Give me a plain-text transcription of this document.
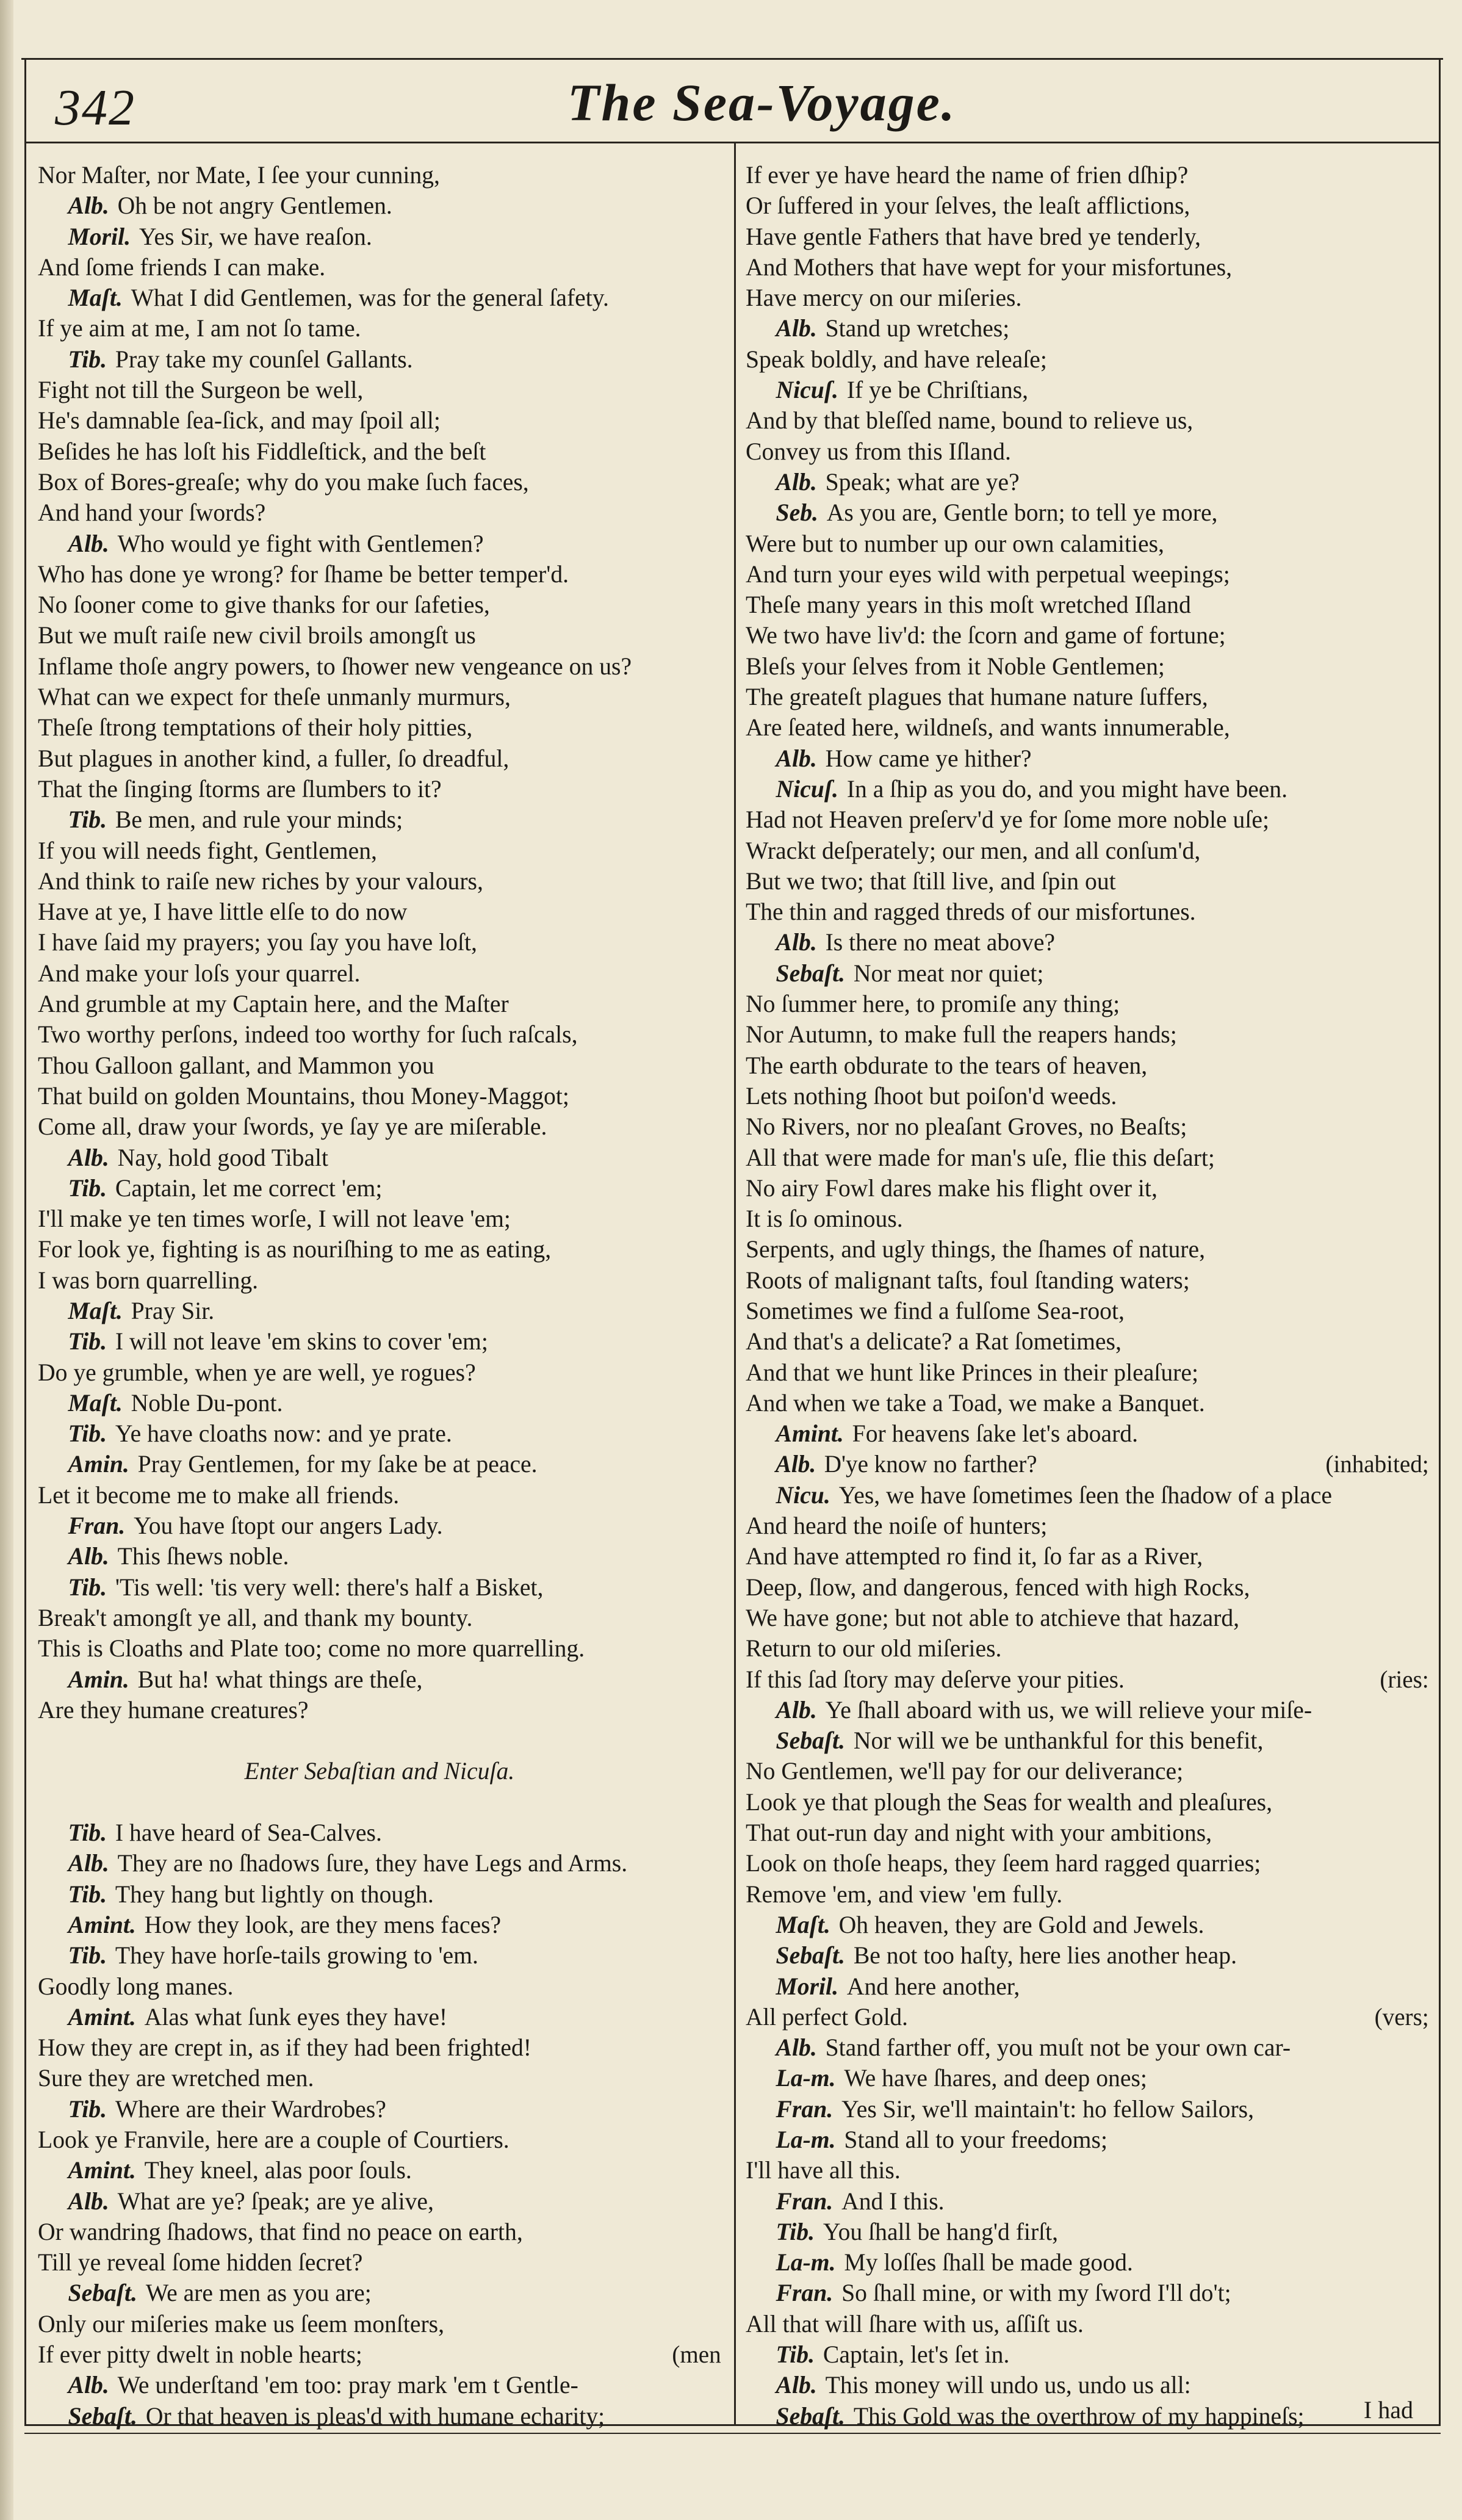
342	The Sea-Voyage.
Nor Maſter, nor Mate, I ſee your cunning,
Alb. Oh be not angry Gentlemen.
Moril. Yes Sir, we have reaſon.
And ſome friends I can make.
Maſt. What I did Gentlemen, was for the general ſafety.
If ye aim at me, I am not ſo tame.
Tib. Pray take my counſel Gallants.
Fight not till the Surgeon be well,
He's damnable ſea-ſick, and may ſpoil all;
Beſides he has loſt his Fiddleſtick, and the beſt
Box of Bores-greaſe; why do you make ſuch faces,
And hand your ſwords?
Alb. Who would ye fight with Gentlemen?
Who has done ye wrong? for ſhame be better temper'd.
No ſooner come to give thanks for our ſafeties,
But we muſt raiſe new civil broils amongſt us
Inflame thoſe angry powers, to ſhower new vengeance on us?
What can we expect for theſe unmanly murmurs,
Theſe ſtrong temptations of their holy pitties,
But plagues in another kind, a fuller, ſo dreadful,
That the ſinging ſtorms are ſlumbers to it?
Tib. Be men, and rule your minds;
If you will needs fight, Gentlemen,
And think to raiſe new riches by your valours,
Have at ye, I have little elſe to do now
I have ſaid my prayers; you ſay you have loſt,
And make your loſs your quarrel.
And grumble at my Captain here, and the Maſter
Two worthy perſons, indeed too worthy for ſuch raſcals,
Thou Galloon gallant, and Mammon you
That build on golden Mountains, thou Money-Maggot;
Come all, draw your ſwords, ye ſay ye are miſerable.
Alb. Nay, hold good Tibalt
Tib. Captain, let me correct 'em;
I'll make ye ten times worſe, I will not leave 'em;
For look ye, fighting is as nouriſhing to me as eating,
I was born quarrelling.
Maſt. Pray Sir.
Tib. I will not leave 'em skins to cover 'em;
Do ye grumble, when ye are well, ye rogues?
Maſt. Noble Du-pont.
Tib. Ye have cloaths now: and ye prate.
Amin. Pray Gentlemen, for my ſake be at peace.
Let it become me to make all friends.
Fran. You have ſtopt our angers Lady.
Alb. This ſhews noble.
Tib. 'Tis well: 'tis very well: there's half a Bisket,
Break't amongſt ye all, and thank my bounty.
This is Cloaths and Plate too; come no more quarrelling.
Amin. But ha! what things are theſe,
Are they humane creatures?
Enter Sebaſtian and Nicuſa.
Tib. I have heard of Sea-Calves.
Alb. They are no ſhadows ſure, they have Legs and Arms.
Tib. They hang but lightly on though.
Amint. How they look, are they mens faces?
Tib. They have horſe-tails growing to 'em.
Goodly long manes.
Amint. Alas what ſunk eyes they have!
How they are crept in, as if they had been frighted!
Sure they are wretched men.
Tib. Where are their Wardrobes?
Look ye Franvile, here are a couple of Courtiers.
Amint. They kneel, alas poor ſouls.
Alb. What are ye? ſpeak; are ye alive,
Or wandring ſhadows, that find no peace on earth,
Till ye reveal ſome hidden ſecret?
Sebaſt. We are men as you are;
Only our miſeries make us ſeem monſters,
If ever pitty dwelt in noble hearts;	(men
Alb. We underſtand 'em too: pray mark 'em t Gentle-
Sebaſt. Or that heaven is pleas'd with humane echarity;
If ever ye have heard the name of frien dſhip?
Or ſuffered in your ſelves, the leaſt afflictions,
Have gentle Fathers that have bred ye tenderly,
And Mothers that have wept for your misfortunes,
Have mercy on our miſeries.
Alb. Stand up wretches;
Speak boldly, and have releaſe;
Nicuſ. If ye be Chriſtians,
And by that bleſſed name, bound to relieve us,
Convey us from this Iſland.
Alb. Speak; what are ye?
Seb. As you are, Gentle born; to tell ye more,
Were but to number up our own calamities,
And turn your eyes wild with perpetual weepings;
Theſe many years in this moſt wretched Iſland
We two have liv'd: the ſcorn and game of fortune;
Bleſs your ſelves from it Noble Gentlemen;
The greateſt plagues that humane nature ſuffers,
Are ſeated here, wildneſs, and wants innumerable,
Alb. How came ye hither?
Nicuſ. In a ſhip as you do, and you might have been.
Had not Heaven preſerv'd ye for ſome more noble uſe;
Wrackt deſperately; our men, and all conſum'd,
But we two; that ſtill live, and ſpin out
The thin and ragged threds of our misfortunes.
Alb. Is there no meat above?
Sebaſt. Nor meat nor quiet;
No ſummer here, to promiſe any thing;
Nor Autumn, to make full the reapers hands;
The earth obdurate to the tears of heaven,
Lets nothing ſhoot but poiſon'd weeds.
No Rivers, nor no pleaſant Groves, no Beaſts;
All that were made for man's uſe, flie this deſart;
No airy Fowl dares make his flight over it,
It is ſo ominous.
Serpents, and ugly things, the ſhames of nature,
Roots of malignant taſts, foul ſtanding waters;
Sometimes we find a fulſome Sea-root,
And that's a delicate? a Rat ſometimes,
And that we hunt like Princes in their pleaſure;
And when we take a Toad, we make a Banquet.
Amint. For heavens ſake let's aboard.
Alb. D'ye know no farther?	(inhabited;
Nicu. Yes, we have ſometimes ſeen the ſhadow of a place
And heard the noiſe of hunters;
And have attempted ro find it, ſo far as a River,
Deep, ſlow, and dangerous, fenced with high Rocks,
We have gone; but not able to atchieve that hazard,
Return to our old miſeries.
If this ſad ſtory may deſerve your pities.	(ries:
Alb. Ye ſhall aboard with us, we will relieve your miſe-
Sebaſt. Nor will we be unthankful for this benefit,
No Gentlemen, we'll pay for our deliverance;
Look ye that plough the Seas for wealth and pleaſures,
That out-run day and night with your ambitions,
Look on thoſe heaps, they ſeem hard ragged quarries;
Remove 'em, and view 'em fully.
Maſt. Oh heaven, they are Gold and Jewels.
Sebaſt. Be not too haſty, here lies another heap.
Moril. And here another,
All perfect Gold.	(vers;
Alb. Stand farther off, you muſt not be your own car-
La-m. We have ſhares, and deep ones;
Fran. Yes Sir, we'll maintain't: ho fellow Sailors,
La-m. Stand all to your freedoms;
I'll have all this.
Fran. And I this.
Tib. You ſhall be hang'd firſt,
La-m. My loſſes ſhall be made good.
Fran. So ſhall mine, or with my ſword I'll do't;
All that will ſhare with us, aſſiſt us.
Tib. Captain, let's ſet in.
Alb. This money will undo us, undo us all:
Sebaſt. This Gold was the overthrow of my happineſs;	I had
